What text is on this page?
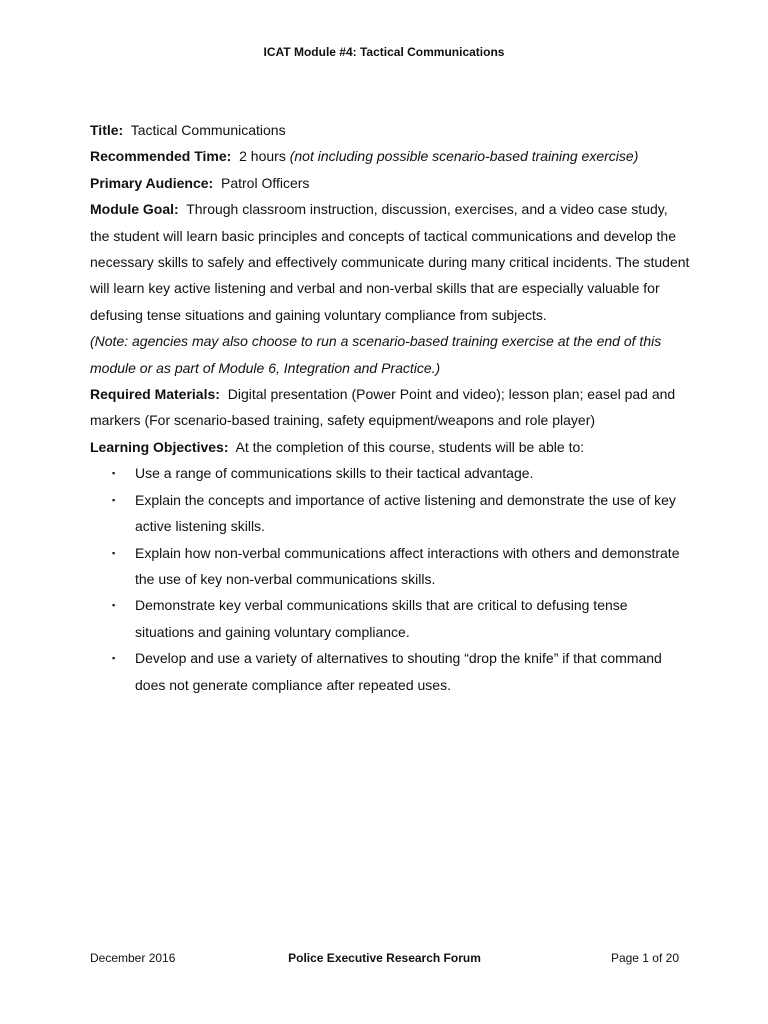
ICAT Module #4: Tactical Communications

Title: Tactical Communications

Recommended Time: 2 hours (not including possible scenario-based training exercise)

Primary Audience: Patrol Officers

Module Goal: Through classroom instruction, discussion, exercises, and a video case study, the student will learn basic principles and concepts of tactical communications and develop the necessary skills to safely and effectively communicate during many critical incidents. The student will learn key active listening and verbal and non-verbal skills that are especially valuable for defusing tense situations and gaining voluntary compliance from subjects.

(Note: agencies may also choose to run a scenario-based training exercise at the end of this module or as part of Module 6, Integration and Practice.)

Required Materials: Digital presentation (Power Point and video); lesson plan; easel pad and markers (For scenario-based training, safety equipment/weapons and role player)

Learning Objectives: At the completion of this course, students will be able to:

▪ Use a range of communications skills to their tactical advantage.
▪ Explain the concepts and importance of active listening and demonstrate the use of key active listening skills.
▪ Explain how non-verbal communications affect interactions with others and demonstrate the use of key non-verbal communications skills.
▪ Demonstrate key verbal communications skills that are critical to defusing tense situations and gaining voluntary compliance.
▪ Develop and use a variety of alternatives to shouting “drop the knife” if that command does not generate compliance after repeated uses.
December 2016	Police Executive Research Forum	Page 1 of 20
